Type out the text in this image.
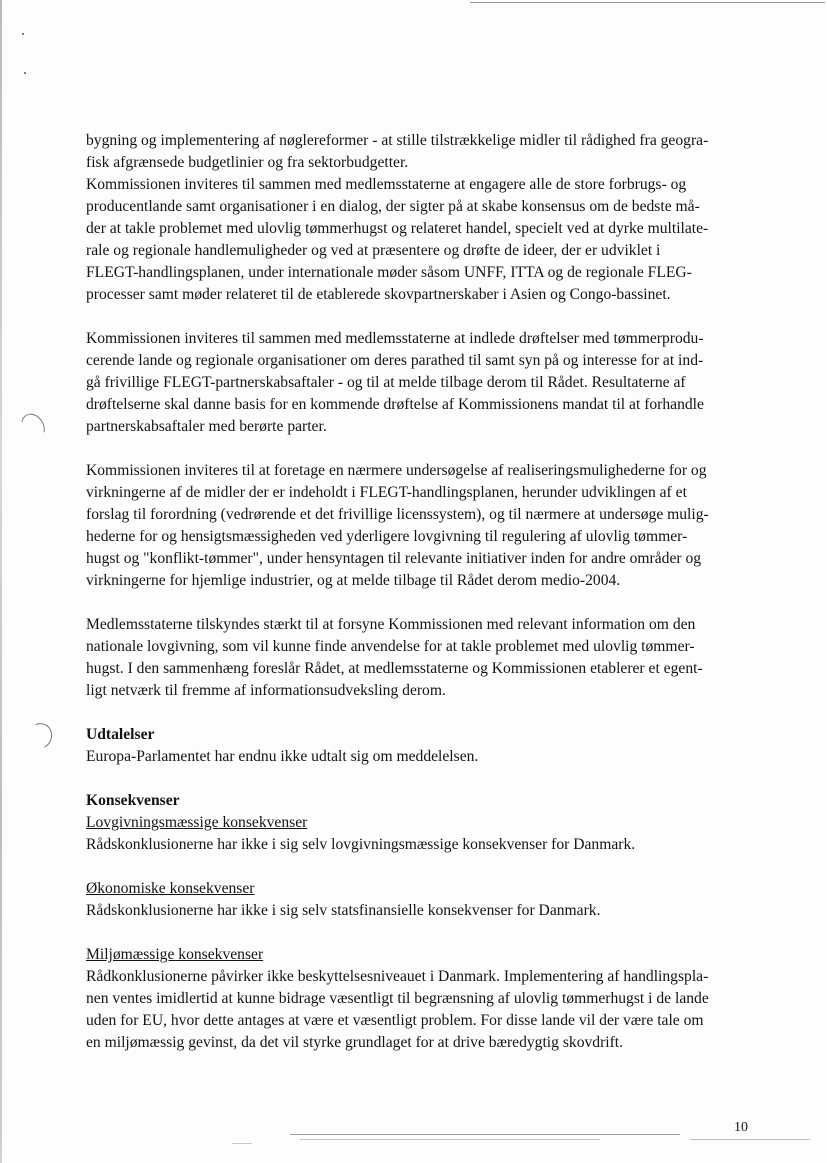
bygning og implementering af nøglereformer - at stille tilstrækkelige midler til rådighed fra geogra-
fisk afgrænsede budgetlinier og fra sektorbudgetter.
Kommissionen inviteres til sammen med medlemsstaterne at engagere alle de store forbrugs- og
producentlande samt organisationer i en dialog, der sigter på at skabe konsensus om de bedste må-
der at takle problemet med ulovlig tømmerhugst og relateret handel, specielt ved at dyrke multilate-
rale og regionale handlemuligheder og ved at præsentere og drøfte de ideer, der er udviklet i
FLEGT-handlingsplanen, under internationale møder såsom UNFF, ITTA og de regionale FLEG-
processer samt møder relateret til de etablerede skovpartnerskaber i Asien og Congo-bassinet.

Kommissionen inviteres til sammen med medlemsstaterne at indlede drøftelser med tømmerprodu-
cerende lande og regionale organisationer om deres parathed til samt syn på og interesse for at ind-
gå frivillige FLEGT-partnerskabsaftaler - og til at melde tilbage derom til Rådet. Resultaterne af
drøftelserne skal danne basis for en kommende drøftelse af Kommissionens mandat til at forhandle
partnerskabsaftaler med berørte parter.

Kommissionen inviteres til at foretage en nærmere undersøgelse af realiseringsmulighederne for og
virkningerne af de midler der er indeholdt i FLEGT-handlingsplanen, herunder udviklingen af et
forslag til forordning (vedrørende et det frivillige licenssystem), og til nærmere at undersøge mulig-
hederne for og hensigtsmæssigheden ved yderligere lovgivning til regulering af ulovlig tømmer-
hugst og "konflikt-tømmer", under hensyntagen til relevante initiativer inden for andre områder og
virkningerne for hjemlige industrier, og at melde tilbage til Rådet derom medio-2004.

Medlemsstaterne tilskyndes stærkt til at forsyne Kommissionen med relevant information om den
nationale lovgivning, som vil kunne finde anvendelse for at takle problemet med ulovlig tømmer-
hugst. I den sammenhæng foreslår Rådet, at medlemsstaterne og Kommissionen etablerer et egent-
ligt netværk til fremme af informationsudveksling derom.

Udtalelser
Europa-Parlamentet har endnu ikke udtalt sig om meddelelsen.

Konsekvenser
Lovgivningsmæssige konsekvenser
Rådskonklusionerne har ikke i sig selv lovgivningsmæssige konsekvenser for Danmark.

Økonomiske konsekvenser
Rådskonklusionerne har ikke i sig selv statsfinansielle konsekvenser for Danmark.

Miljømæssige konsekvenser
Rådkonklusionerne påvirker ikke beskyttelsesniveauet i Danmark. Implementering af handlingspla-
nen ventes imidlertid at kunne bidrage væsentligt til begrænsning af ulovlig tømmerhugst i de lande
uden for EU, hvor dette antages at være et væsentligt problem. For disse lande vil der være tale om
en miljømæssig gevinst, da det vil styrke grundlaget for at drive bæredygtig skovdrift.

10
